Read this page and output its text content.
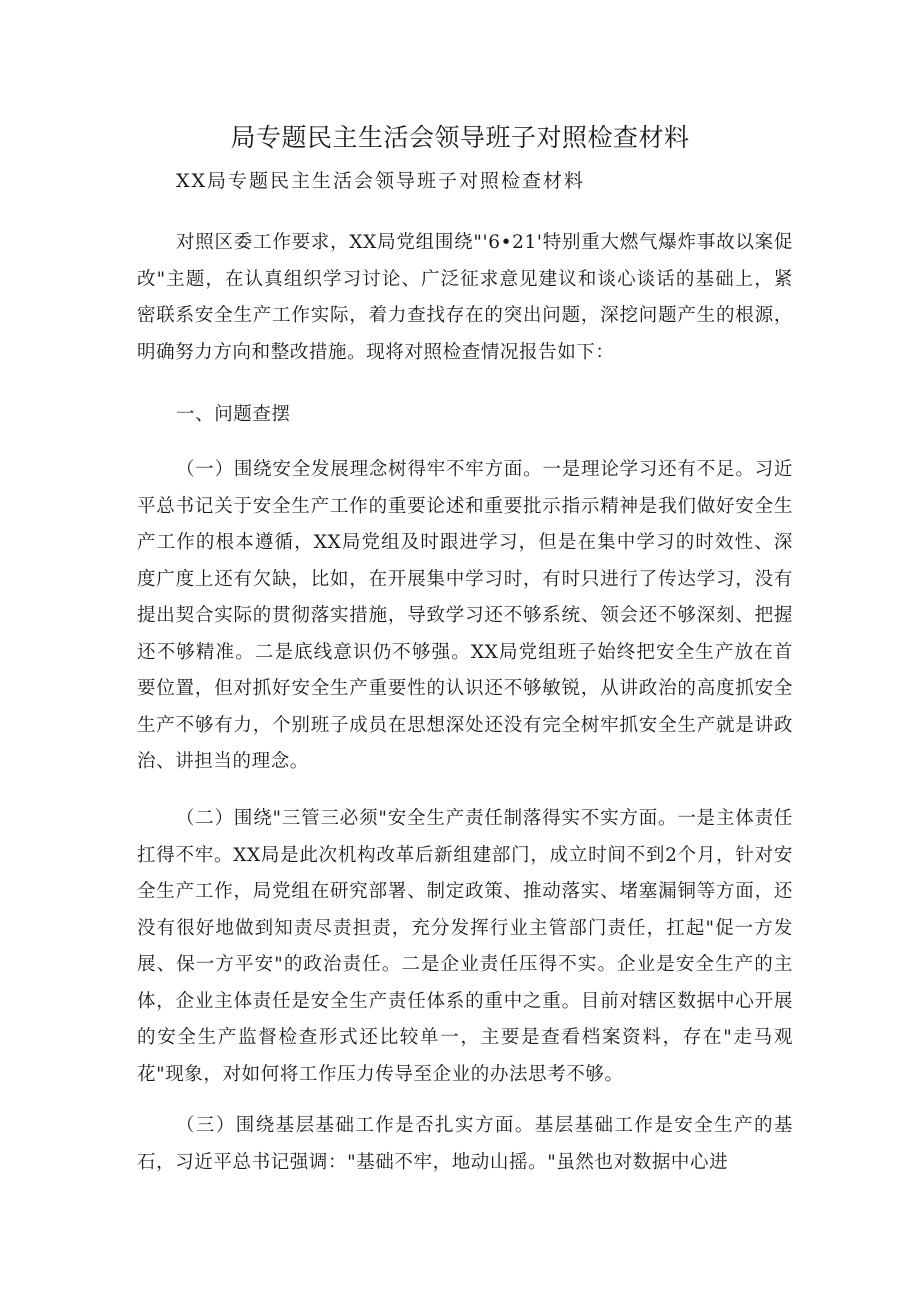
局专题民主生活会领导班子对照检查材料

XX局专题民主生活会领导班子对照检查材料

对照区委工作要求，XX局党组围绕"'6•21'特别重大燃气爆炸事故以案促改"主题，在认真组织学习讨论、广泛征求意见建议和谈心谈话的基础上，紧密联系安全生产工作实际，着力查找存在的突出问题，深挖问题产生的根源，明确努力方向和整改措施。现将对照检查情况报告如下：

一、问题查摆

（一）围绕安全发展理念树得牢不牢方面。一是理论学习还有不足。习近平总书记关于安全生产工作的重要论述和重要批示指示精神是我们做好安全生产工作的根本遵循，XX局党组及时跟进学习，但是在集中学习的时效性、深度广度上还有欠缺，比如，在开展集中学习时，有时只进行了传达学习，没有提出契合实际的贯彻落实措施，导致学习还不够系统、领会还不够深刻、把握还不够精准。二是底线意识仍不够强。XX局党组班子始终把安全生产放在首要位置，但对抓好安全生产重要性的认识还不够敏锐，从讲政治的高度抓安全生产不够有力，个别班子成员在思想深处还没有完全树牢抓安全生产就是讲政治、讲担当的理念。

（二）围绕"三管三必须"安全生产责任制落得实不实方面。一是主体责任扛得不牢。XX局是此次机构改革后新组建部门，成立时间不到2个月，针对安全生产工作，局党组在研究部署、制定政策、推动落实、堵塞漏铜等方面，还没有很好地做到知责尽责担责，充分发挥行业主管部门责任，扛起"促一方发展、保一方平安"的政治责任。二是企业责任压得不实。企业是安全生产的主体，企业主体责任是安全生产责任体系的重中之重。目前对辖区数据中心开展的安全生产监督检查形式还比较单一，主要是查看档案资料，存在"走马观花"现象，对如何将工作压力传导至企业的办法思考不够。

（三）围绕基层基础工作是否扎实方面。基层基础工作是安全生产的基石，习近平总书记强调："基础不牢，地动山摇。"虽然也对数据中心进
